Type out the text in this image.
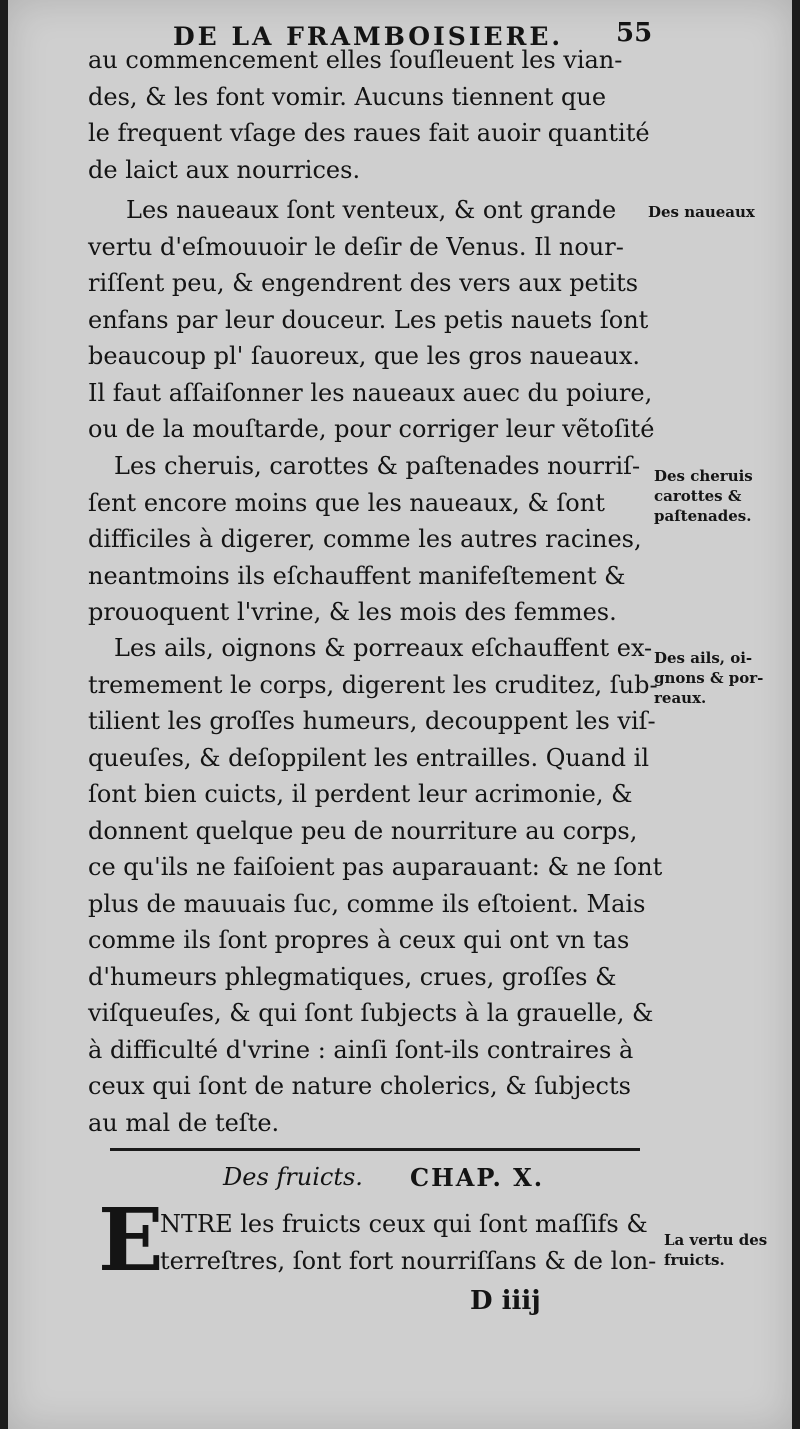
DE LA FRAMBOISIERE. 55
au commencement elles ſouſleuent les vian-
des, & les font vomir. Aucuns tiennent que
le frequent vſage des raues fait auoir quantité
de laict aux nourrices.
Les naueaux ſont venteux, & ont grande
vertu d'eſmouuoir le deſir de Venus. Il nour-
riſſent peu, & engendrent des vers aux petits
enfans par leur douceur. Les petis nauets ſont
beaucoup pl' ſauoreux, que les gros naueaux.
Il faut aſſaiſonner les naueaux auec du poiure,
ou de la mouſtarde, pour corriger leur vẽtoſité
Les cheruis, carottes & paſtenades nourriſ-
ſent encore moins que les naueaux, & ſont
difficiles à digerer, comme les autres racines,
neantmoins ils eſchauffent manifeſtement &
prouoquent l'vrine, & les mois des femmes.
Les ails, oignons & porreaux eſchauffent ex-
tremement le corps, digerent les cruditez, ſub-
tilient les groſſes humeurs, decouppent les viſ-
queuſes, & deſoppilent les entrailles. Quand il
ſont bien cuicts, il perdent leur acrimonie, &
donnent quelque peu de nourriture au corps,
ce qu'ils ne faiſoient pas auparauant: & ne ſont
plus de mauuais ſuc, comme ils eſtoient. Mais
comme ils ſont propres à ceux qui ont vn tas
d'humeurs phlegmatiques, crues, groſſes &
viſqueuſes, & qui ſont ſubjects à la grauelle, &
à difficulté d'vrine : ainſi ſont-ils contraires à
ceux qui ſont de nature cholerics, & ſubjects
au mal de teſte.
Des naueaux
Des cheruis
carottes &
paſtenades.
Des ails, oi-
gnons & por-
reaux.
La vertu des
fruicts.
Des fruicts. CHAP. X.
E
NTRE les fruicts ceux qui ſont maſſifs &
terreſtres, ſont fort nourriſſans & de lon-
D iiij
